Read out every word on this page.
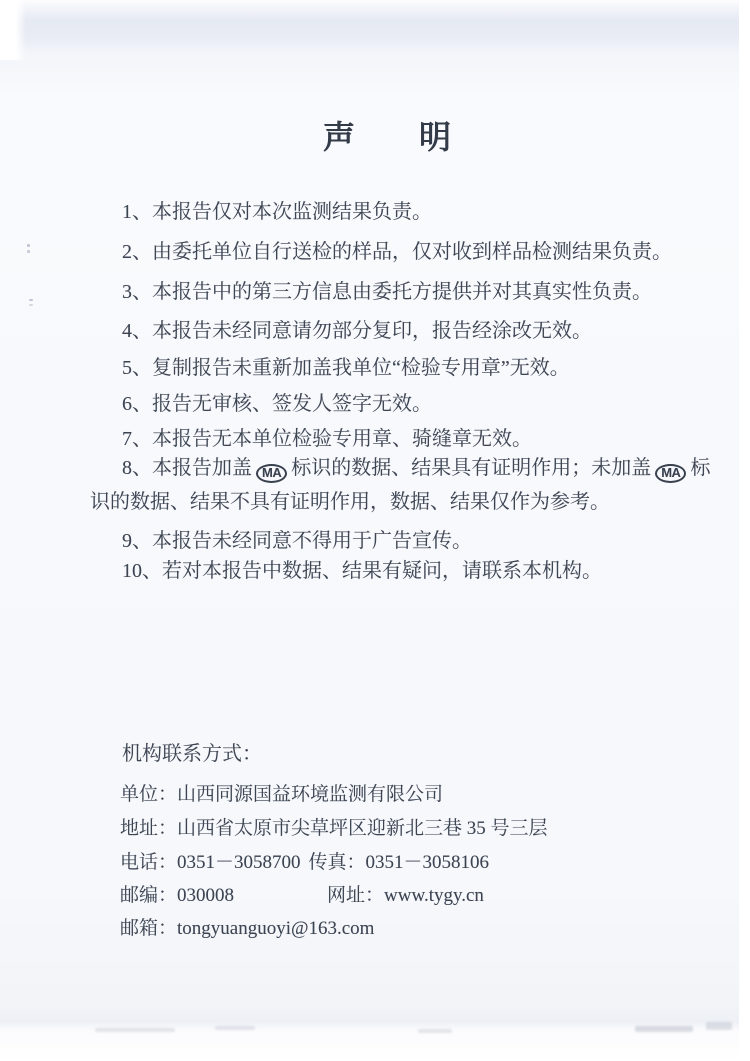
声 明
1、本报告仅对本次监测结果负责。
2、由委托单位自行送检的样品，仅对收到样品检测结果负责。
3、本报告中的第三方信息由委托方提供并对其真实性负责。
4、本报告未经同意请勿部分复印，报告经涂改无效。
5、复制报告未重新加盖我单位“检验专用章”无效。
6、报告无审核、签发人签字无效。
7、本报告无本单位检验专用章、骑缝章无效。
8、本报告加盖 MA 标识的数据、结果具有证明作用；未加盖 MA 标
识的数据、结果不具有证明作用，数据、结果仅作为参考。
9、本报告未经同意不得用于广告宣传。
10、若对本报告中数据、结果有疑问，请联系本机构。
机构联系方式：
单位：山西同源国益环境监测有限公司
地址：山西省太原市尖草坪区迎新北三巷 35 号三层
电话：0351－3058700 传真：0351－3058106
邮编：030008	网址：www.tygy.cn
邮箱：tongyuanguoyi@163.com
